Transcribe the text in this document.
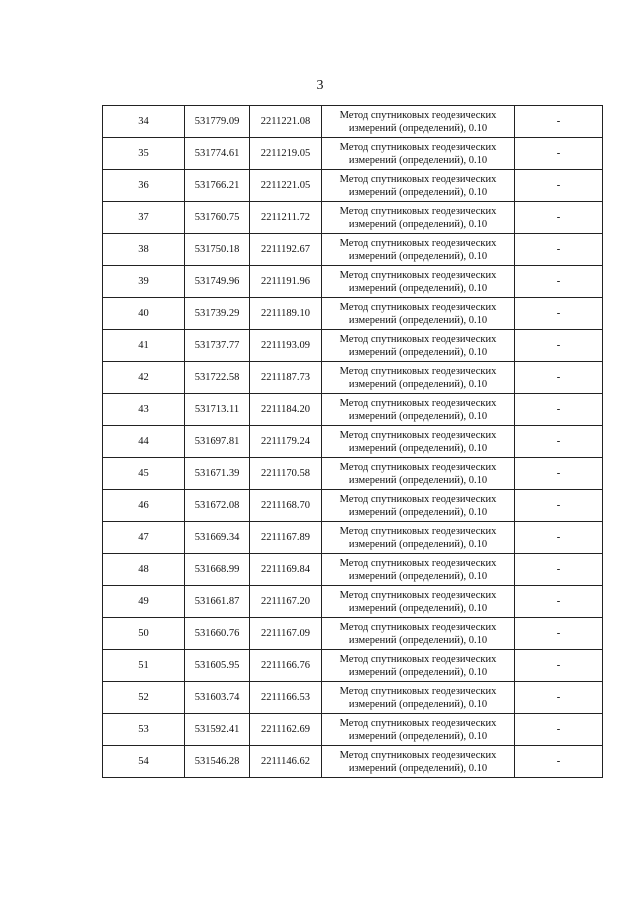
3
34	531779.09	2211221.08	Метод спутниковых геодезических
измерений (определений), 0.10	-
35	531774.61	2211219.05	Метод спутниковых геодезических
измерений (определений), 0.10	-
36	531766.21	2211221.05	Метод спутниковых геодезических
измерений (определений), 0.10	-
37	531760.75	2211211.72	Метод спутниковых геодезических
измерений (определений), 0.10	-
38	531750.18	2211192.67	Метод спутниковых геодезических
измерений (определений), 0.10	-
39	531749.96	2211191.96	Метод спутниковых геодезических
измерений (определений), 0.10	-
40	531739.29	2211189.10	Метод спутниковых геодезических
измерений (определений), 0.10	-
41	531737.77	2211193.09	Метод спутниковых геодезических
измерений (определений), 0.10	-
42	531722.58	2211187.73	Метод спутниковых геодезических
измерений (определений), 0.10	-
43	531713.11	2211184.20	Метод спутниковых геодезических
измерений (определений), 0.10	-
44	531697.81	2211179.24	Метод спутниковых геодезических
измерений (определений), 0.10	-
45	531671.39	2211170.58	Метод спутниковых геодезических
измерений (определений), 0.10	-
46	531672.08	2211168.70	Метод спутниковых геодезических
измерений (определений), 0.10	-
47	531669.34	2211167.89	Метод спутниковых геодезических
измерений (определений), 0.10	-
48	531668.99	2211169.84	Метод спутниковых геодезических
измерений (определений), 0.10	-
49	531661.87	2211167.20	Метод спутниковых геодезических
измерений (определений), 0.10	-
50	531660.76	2211167.09	Метод спутниковых геодезических
измерений (определений), 0.10	-
51	531605.95	2211166.76	Метод спутниковых геодезических
измерений (определений), 0.10	-
52	531603.74	2211166.53	Метод спутниковых геодезических
измерений (определений), 0.10	-
53	531592.41	2211162.69	Метод спутниковых геодезических
измерений (определений), 0.10	-
54	531546.28	2211146.62	Метод спутниковых геодезических
измерений (определений), 0.10	-
